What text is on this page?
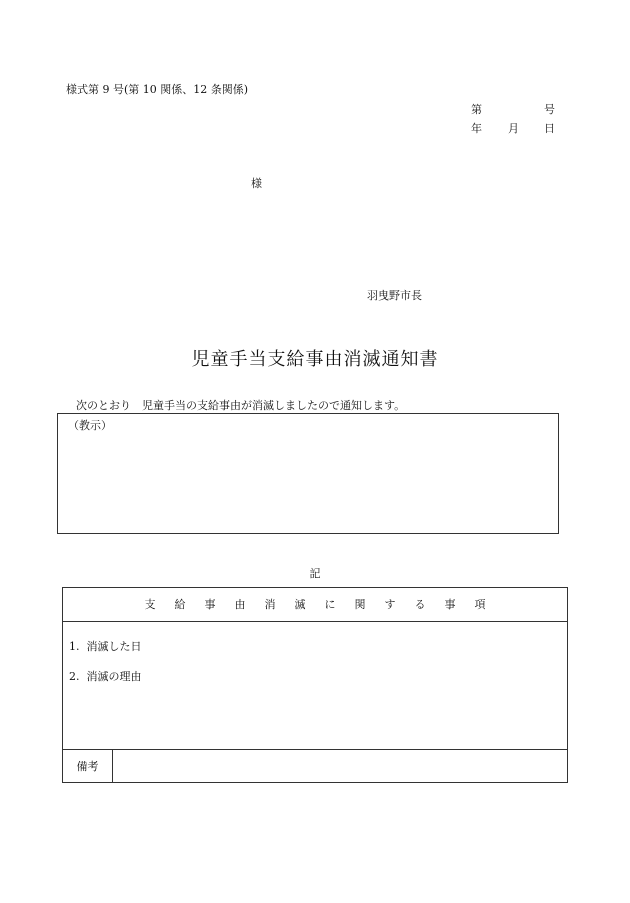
様式第 9 号(第 10 関係、12 条関係)
第	号
年 月 日
様
羽曳野市長
児童手当支給事由消滅通知書
次のとおり　児童手当の支給事由が消滅しましたので通知します。
（教示）
記
支給事由消滅に関する事項
1. 消滅した日
2. 消滅の理由
備考
